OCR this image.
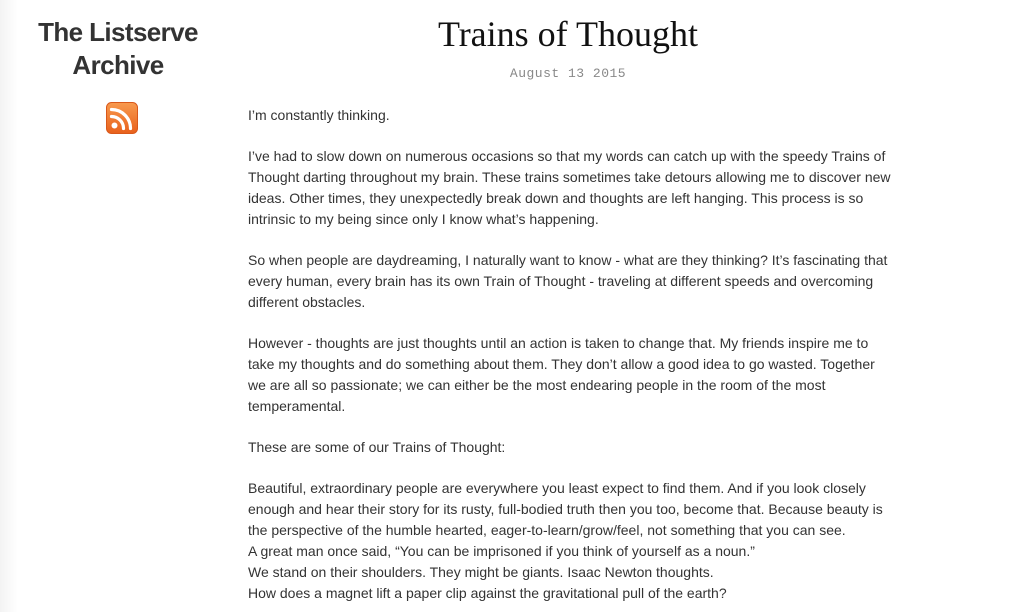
The Listserve
Archive
Trains of Thought
August 13 2015

I’m constantly thinking.

I’ve had to slow down on numerous occasions so that my words can catch up with the speedy Trains of Thought darting throughout my brain. These trains sometimes take detours allowing me to discover new ideas. Other times, they unexpectedly break down and thoughts are left hanging. This process is so intrinsic to my being since only I know what’s happening.

So when people are daydreaming, I naturally want to know - what are they thinking? It’s fascinating that every human, every brain has its own Train of Thought - traveling at different speeds and overcoming different obstacles.

However - thoughts are just thoughts until an action is taken to change that. My friends inspire me to take my thoughts and do something about them. They don’t allow a good idea to go wasted. Together we are all so passionate; we can either be the most endearing people in the room of the most temperamental.

These are some of our Trains of Thought:

Beautiful, extraordinary people are everywhere you least expect to find them. And if you look closely enough and hear their story for its rusty, full-bodied truth then you too, become that. Because beauty is the perspective of the humble hearted, eager-to-learn/grow/feel, not something that you can see.
A great man once said, “You can be imprisoned if you think of yourself as a noun.”
We stand on their shoulders. They might be giants. Isaac Newton thoughts.
How does a magnet lift a paper clip against the gravitational pull of the earth?
